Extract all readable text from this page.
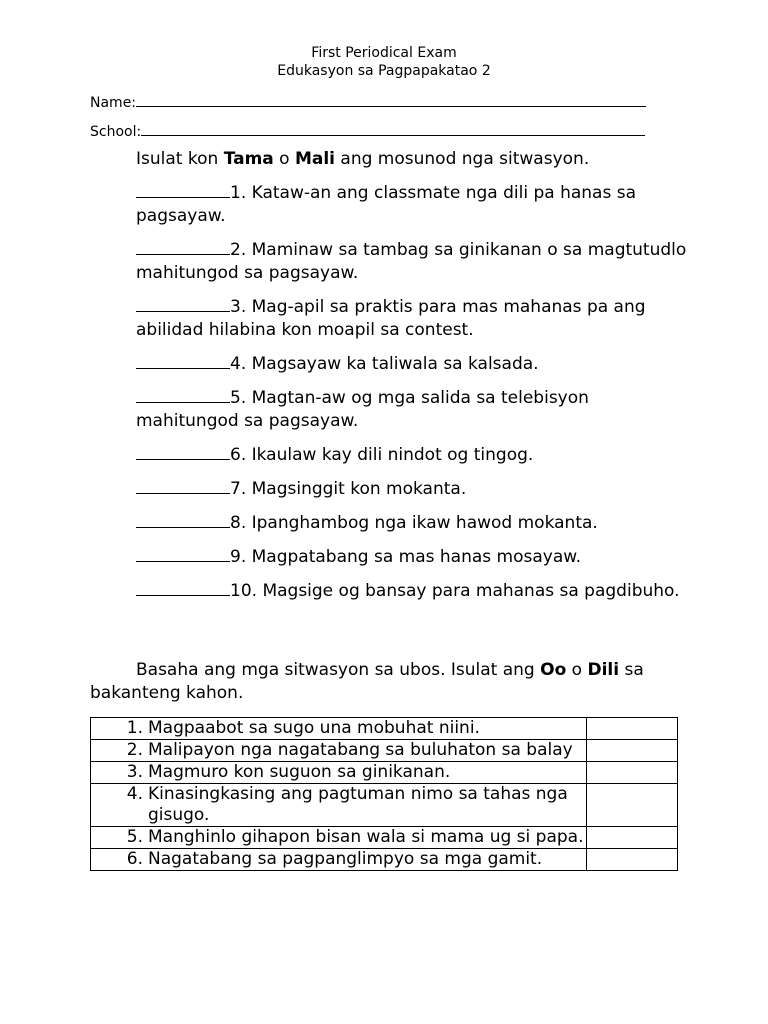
First Periodical Exam
Edukasyon sa Pagpapakatao 2
Name:
School:
Isulat kon Tama o Mali ang mosunod nga sitwasyon.
1. Kataw-an ang classmate nga dili pa hanas sa pagsayaw.
2. Maminaw sa tambag sa ginikanan o sa magtutudlo mahitungod sa pagsayaw.
3. Mag-apil sa praktis para mas mahanas pa ang abilidad hilabina kon moapil sa contest.
4. Magsayaw ka taliwala sa kalsada.
5. Magtan-aw og mga salida sa telebisyon mahitungod sa pagsayaw.
6. Ikaulaw kay dili nindot og tingog.
7. Magsinggit kon mokanta.
8. Ipanghambog nga ikaw hawod mokanta.
9. Magpatabang sa mas hanas mosayaw.
10. Magsige og bansay para mahanas sa pagdibuho.
Basaha ang mga sitwasyon sa ubos. Isulat ang Oo o Dili sa bakanteng kahon.
1. Magpaabot sa sugo una mobuhat niini.	

2. Malipayon nga nagatabang sa buluhaton sa balay	

3. Magmuro kon suguon sa ginikanan.	

4. Kinasingkasing ang pagtuman nimo sa tahas nga gisugo.	

5. Manghinlo gihapon bisan wala si mama ug si papa.	

6. Nagatabang sa pagpanglimpyo sa mga gamit.	
